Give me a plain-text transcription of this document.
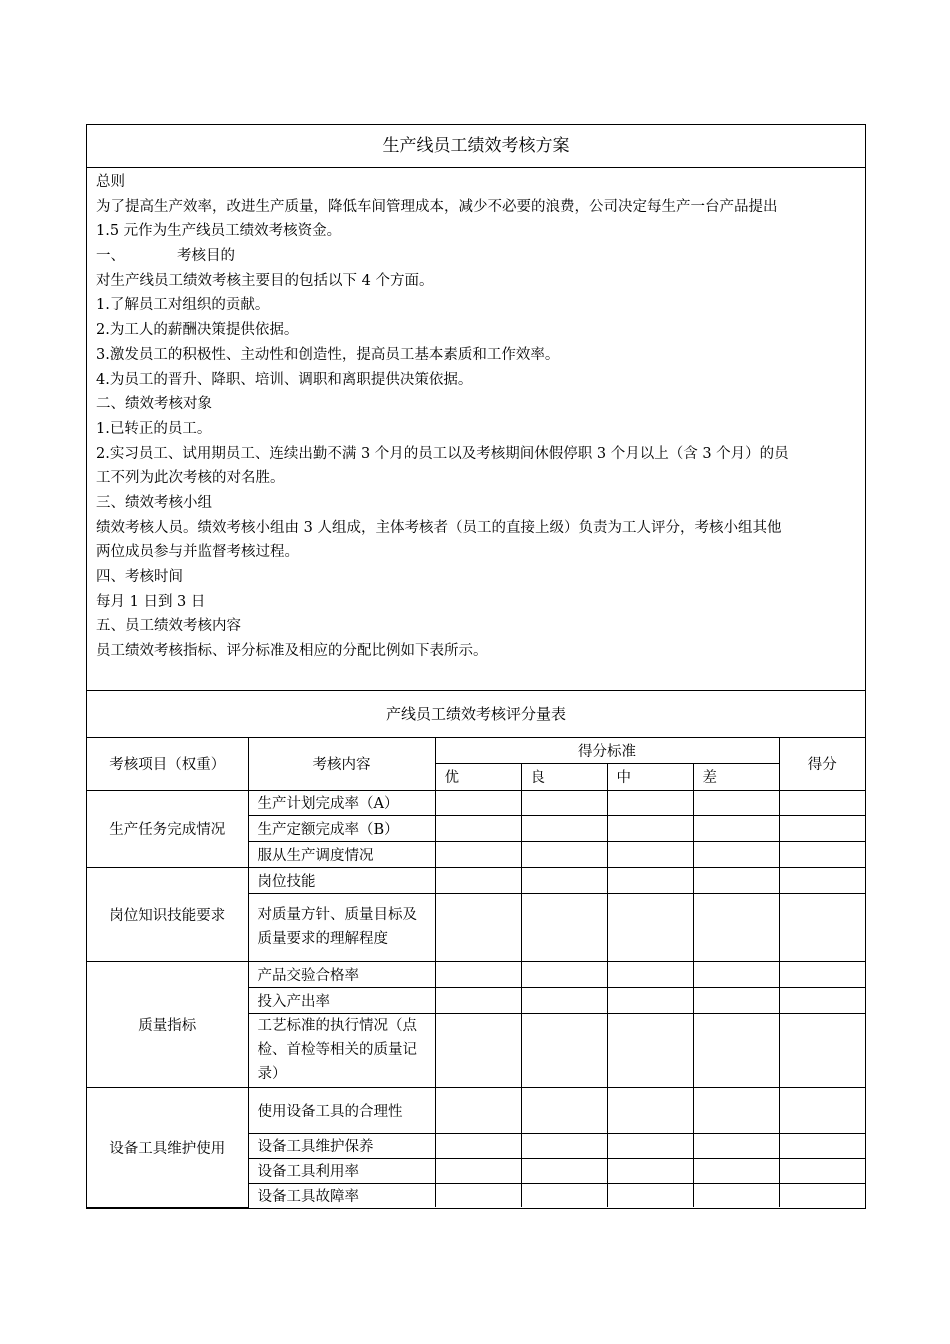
生产线员工绩效考核方案
总则
为了提高生产效率，改进生产质量，降低车间管理成本，减少不必要的浪费，公司决定每生产一台产品提出
1.5 元作为生产线员工绩效考核资金。
一、	考核目的
对生产线员工绩效考核主要目的包括以下 4 个方面。
1.了解员工对组织的贡献。
2.为工人的薪酬决策提供依据。
3.激发员工的积极性、主动性和创造性，提高员工基本素质和工作效率。
4.为员工的晋升、降职、培训、调职和离职提供决策依据。
二、绩效考核对象
1.已转正的员工。
2.实习员工、试用期员工、连续出勤不满 3 个月的员工以及考核期间休假停职 3 个月以上（含 3 个月）的员
工不列为此次考核的对名胜。
三、绩效考核小组
绩效考核人员。绩效考核小组由 3 人组成，主体考核者（员工的直接上级）负责为工人评分，考核小组其他
两位成员参与并监督考核过程。
四、考核时间
每月 1 日到 3 日
五、员工绩效考核内容
员工绩效考核指标、评分标准及相应的分配比例如下表所示。
产线员工绩效考核评分量表
考核项目（权重）	考核内容	得分标准				得分
		优	良	中	差	
生产任务完成情况	生产计划完成率（A）					
	生产定额完成率（B）					
	服从生产调度情况					
岗位知识技能要求	岗位技能					
	对质量方针、质量目标及质量要求的理解程度					
质量指标	产品交验合格率					
	投入产出率					
	工艺标准的执行情况（点检、首检等相关的质量记录）					
设备工具维护使用	使用设备工具的合理性					
	设备工具维护保养					
	设备工具利用率					
	设备工具故障率					
